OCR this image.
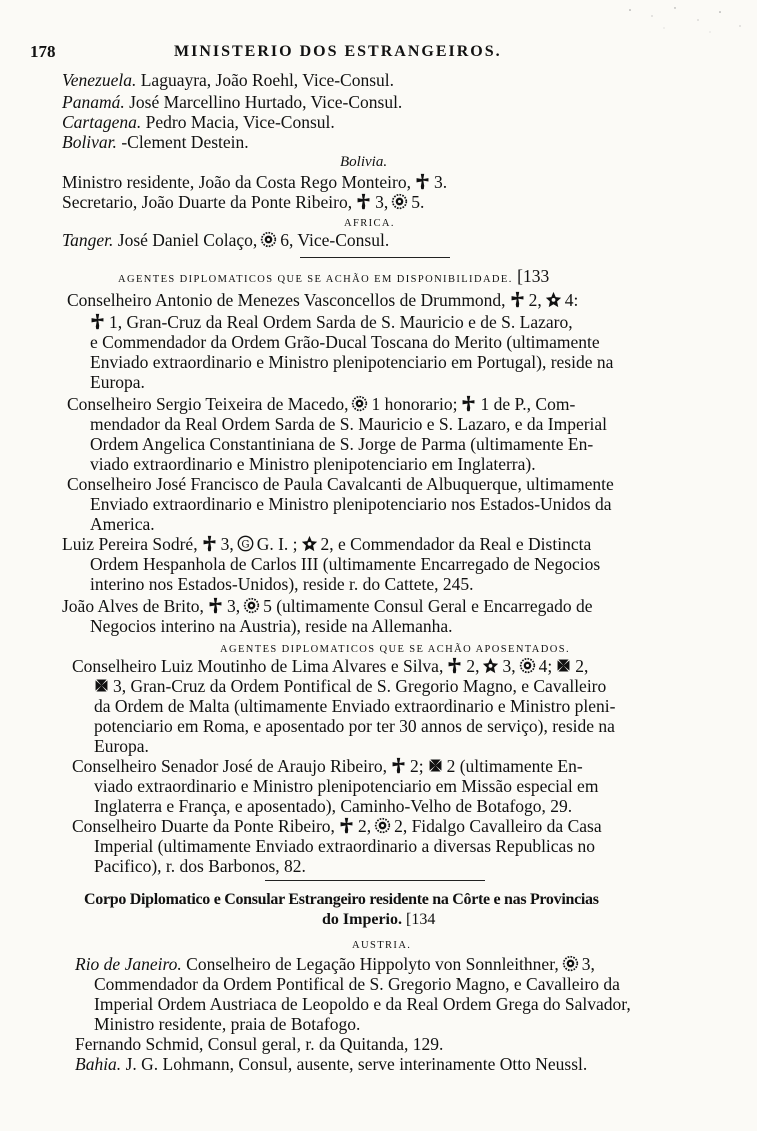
178	MINISTERIO DOS ESTRANGEIROS.
Venezuela. Laguayra, João Roehl, Vice-Consul.
Panamá. José Marcellino Hurtado, Vice-Consul.
Cartagena. Pedro Macia, Vice-Consul.
Bolivar. -Clement Destein.
Bolivia.
Ministro residente, João da Costa Rego Monteiro, 3.
Secretario, João Duarte da Ponte Ribeiro, 3, 5.
AFRICA.
Tanger. José Daniel Colaço, 6, Vice-Consul.
AGENTES DIPLOMATICOS QUE SE ACHÃO EM DISPONIBILIDADE. [133
Conselheiro Antonio de Menezes Vasconcellos de Drummond, 2, 4:
1, Gran-Cruz da Real Ordem Sarda de S. Mauricio e de S. Lazaro,
e Commendador da Ordem Grão-Ducal Toscana do Merito (ultimamente
Enviado extraordinario e Ministro plenipotenciario em Portugal), reside na
Europa.
Conselheiro Sergio Teixeira de Macedo, 1 honorario; 1 de P., Com-
mendador da Real Ordem Sarda de S. Mauricio e S. Lazaro, e da Imperial
Ordem Angelica Constantiniana de S. Jorge de Parma (ultimamente En-
viado extraordinario e Ministro plenipotenciario em Inglaterra).
Conselheiro José Francisco de Paula Cavalcanti de Albuquerque, ultimamente
Enviado extraordinario e Ministro plenipotenciario nos Estados-Unidos da
America.
Luiz Pereira Sodré, 3, G. I. ; 2, e Commendador da Real e Distincta
Ordem Hespanhola de Carlos III (ultimamente Encarregado de Negocios
interino nos Estados-Unidos), reside r. do Cattete, 245.
João Alves de Brito, 3, 5 (ultimamente Consul Geral e Encarregado de
Negocios interino na Austria), reside na Allemanha.
AGENTES DIPLOMATICOS QUE SE ACHÃO APOSENTADOS.
Conselheiro Luiz Moutinho de Lima Alvares e Silva, 2, 3, 4; 2,
3, Gran-Cruz da Ordem Pontifical de S. Gregorio Magno, e Cavalleiro
da Ordem de Malta (ultimamente Enviado extraordinario e Ministro pleni-
potenciario em Roma, e aposentado por ter 30 annos de serviço), reside na
Europa.
Conselheiro Senador José de Araujo Ribeiro, 2; 2 (ultimamente En-
viado extraordinario e Ministro plenipotenciario em Missão especial em
Inglaterra e França, e aposentado), Caminho-Velho de Botafogo, 29.
Conselheiro Duarte da Ponte Ribeiro, 2, 2, Fidalgo Cavalleiro da Casa
Imperial (ultimamente Enviado extraordinario a diversas Republicas no
Pacifico), r. dos Barbonos, 82.
Corpo Diplomatico e Consular Estrangeiro residente na Côrte e nas Provincias
do Imperio. [134
AUSTRIA.
Rio de Janeiro. Conselheiro de Legação Hippolyto von Sonnleithner, 3,
Commendador da Ordem Pontifical de S. Gregorio Magno, e Cavalleiro da
Imperial Ordem Austriaca de Leopoldo e da Real Ordem Grega do Salvador,
Ministro residente, praia de Botafogo.
Fernando Schmid, Consul geral, r. da Quitanda, 129.
Bahia. J. G. Lohmann, Consul, ausente, serve interinamente Otto Neussl.
